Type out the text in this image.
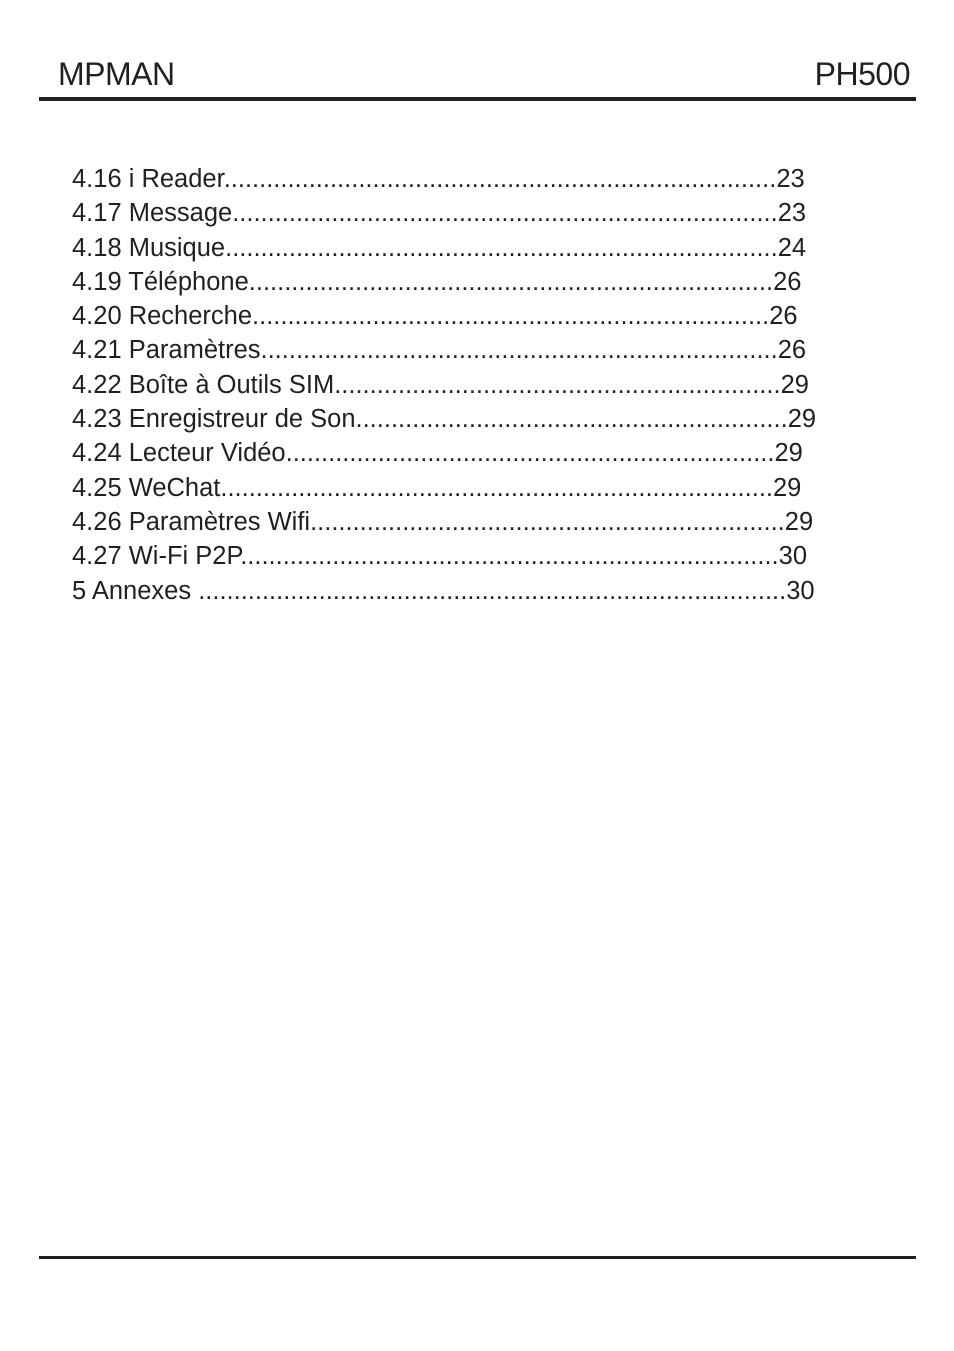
MPMAN	PH500
4.16 i Reader..............................................................................23
4.17 Message.............................................................................23
4.18 Musique..............................................................................24
4.19 Téléphone..........................................................................26
4.20 Recherche.........................................................................26
4.21 Paramètres.........................................................................26
4.22 Boîte à Outils SIM...............................................................29
4.23 Enregistreur de Son.............................................................29
4.24 Lecteur Vidéo.....................................................................29
4.25 WeChat..............................................................................29
4.26 Paramètres Wifi...................................................................29
4.27 Wi-Fi P2P............................................................................30
5 Annexes ...................................................................................30
